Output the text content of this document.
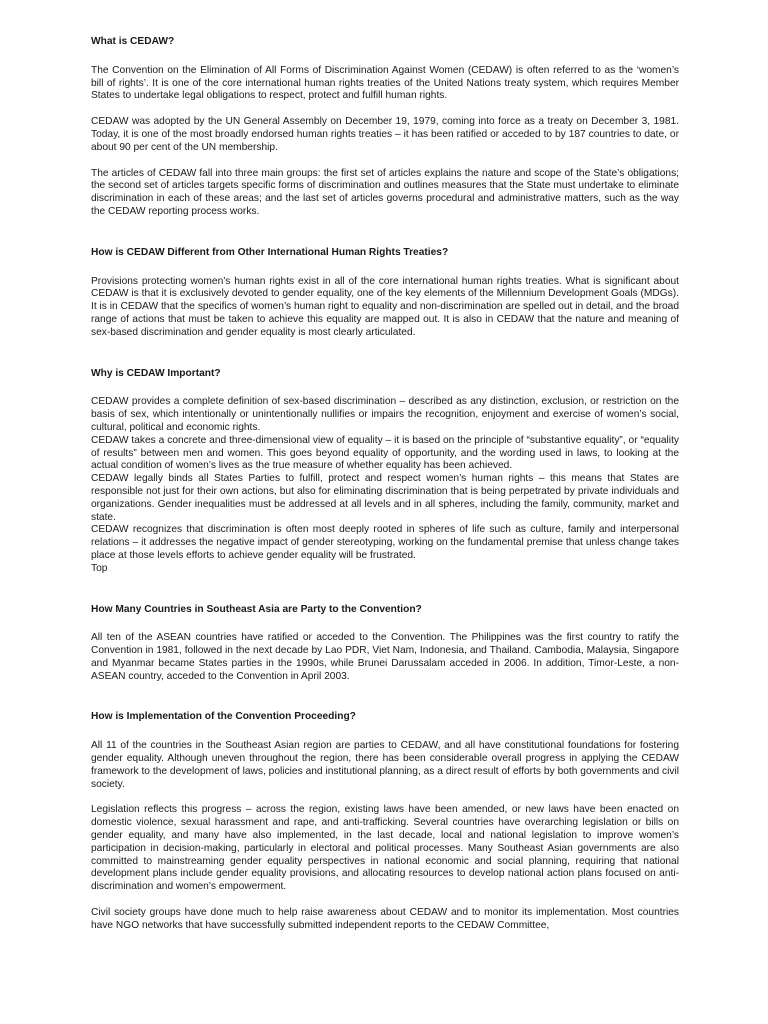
What is CEDAW?

The Convention on the Elimination of All Forms of Discrimination Against Women (CEDAW) is often referred to as the ‘women’s bill of rights’. It is one of the core international human rights treaties of the United Nations treaty system, which requires Member States to undertake legal obligations to respect, protect and fulfill human rights.

CEDAW was adopted by the UN General Assembly on December 19, 1979, coming into force as a treaty on December 3, 1981. Today, it is one of the most broadly endorsed human rights treaties – it has been ratified or acceded to by 187 countries to date, or about 90 per cent of the UN membership.

The articles of CEDAW fall into three main groups: the first set of articles explains the nature and scope of the State’s obligations; the second set of articles targets specific forms of discrimination and outlines measures that the State must undertake to eliminate discrimination in each of these areas; and the last set of articles governs procedural and administrative matters, such as the way the CEDAW reporting process works.

How is CEDAW Different from Other International Human Rights Treaties?

Provisions protecting women’s human rights exist in all of the core international human rights treaties. What is significant about CEDAW is that it is exclusively devoted to gender equality, one of the key elements of the Millennium Development Goals (MDGs). It is in CEDAW that the specifics of women’s human right to equality and non-discrimination are spelled out in detail, and the broad range of actions that must be taken to achieve this equality are mapped out. It is also in CEDAW that the nature and meaning of sex-based discrimination and gender equality is most clearly articulated.

Why is CEDAW Important?

CEDAW provides a complete definition of sex-based discrimination – described as any distinction, exclusion, or restriction on the basis of sex, which intentionally or unintentionally nullifies or impairs the recognition, enjoyment and exercise of women’s social, cultural, political and economic rights.

CEDAW takes a concrete and three-dimensional view of equality – it is based on the principle of “substantive equality”, or “equality of results” between men and women. This goes beyond equality of opportunity, and the wording used in laws, to looking at the actual condition of women’s lives as the true measure of whether equality has been achieved.

CEDAW legally binds all States Parties to fulfill, protect and respect women’s human rights – this means that States are responsible not just for their own actions, but also for eliminating discrimination that is being perpetrated by private individuals and organizations. Gender inequalities must be addressed at all levels and in all spheres, including the family, community, market and state.

CEDAW recognizes that discrimination is often most deeply rooted in spheres of life such as culture, family and interpersonal relations – it addresses the negative impact of gender stereotyping, working on the fundamental premise that unless change takes place at those levels efforts to achieve gender equality will be frustrated.

Top

How Many Countries in Southeast Asia are Party to the Convention?

All ten of the ASEAN countries have ratified or acceded to the Convention. The Philippines was the first country to ratify the Convention in 1981, followed in the next decade by Lao PDR, Viet Nam, Indonesia, and Thailand. Cambodia, Malaysia, Singapore and Myanmar became States parties in the 1990s, while Brunei Darussalam acceded in 2006. In addition, Timor-Leste, a non-ASEAN country, acceded to the Convention in April 2003.

How is Implementation of the Convention Proceeding?

All 11 of the countries in the Southeast Asian region are parties to CEDAW, and all have constitutional foundations for fostering gender equality. Although uneven throughout the region, there has been considerable overall progress in applying the CEDAW framework to the development of laws, policies and institutional planning, as a direct result of efforts by both governments and civil society.

Legislation reflects this progress – across the region, existing laws have been amended, or new laws have been enacted on domestic violence, sexual harassment and rape, and anti-trafficking. Several countries have overarching legislation or bills on gender equality, and many have also implemented, in the last decade, local and national legislation to improve women’s participation in decision-making, particularly in electoral and political processes. Many Southeast Asian governments are also committed to mainstreaming gender equality perspectives in national economic and social planning, requiring that national development plans include gender equality provisions, and allocating resources to develop national action plans focused on anti-discrimination and women’s empowerment.

Civil society groups have done much to help raise awareness about CEDAW and to monitor its implementation. Most countries have NGO networks that have successfully submitted independent reports to the CEDAW Committee,
